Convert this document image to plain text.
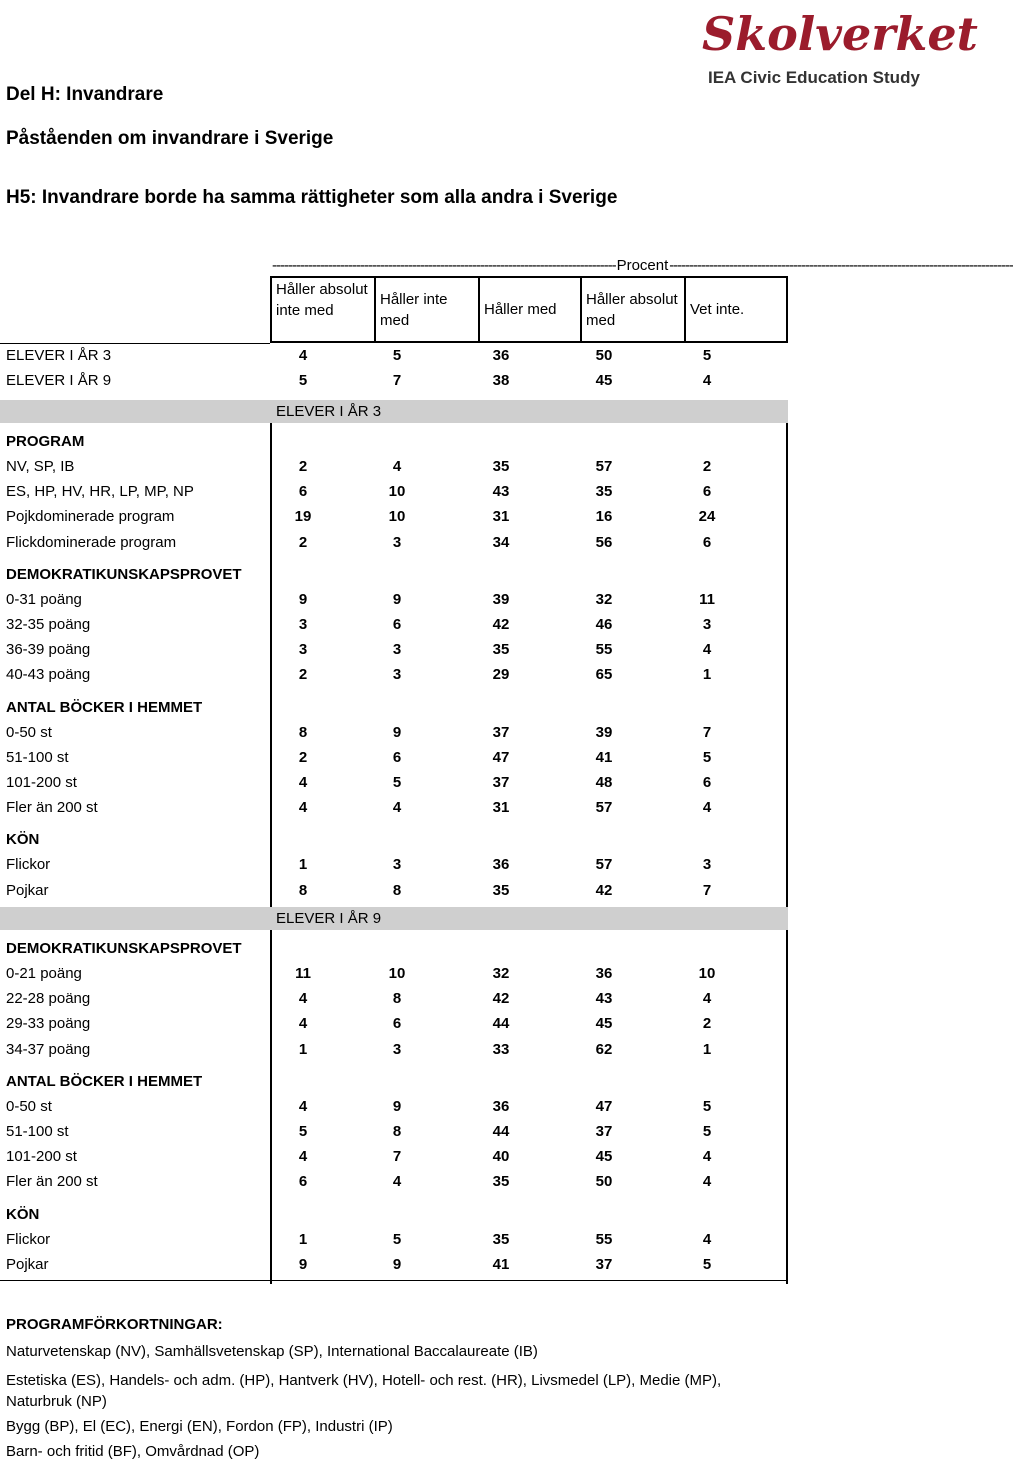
Skolverket
IEA Civic Education Study
Del H: Invandrare
Påståenden om invandrare i Sverige
H5: Invandrare borde ha samma rättigheter som alla andra i Sverige
-------------------------------------------------------------------------------------- Procent --------------------------------------------------------------------------------------
Håller absolut inte med
Håller inte med
Håller med
Håller absolut med
Vet inte.
ELEVER I ÅR 3	4	5	36	50	5
ELEVER I ÅR 9	5	7	38	45	4
ELEVER I ÅR 3
PROGRAM
NV, SP, IB	2	4	35	57	2
ES, HP, HV, HR, LP, MP, NP	6	10	43	35	6
Pojkdominerade program	19	10	31	16	24
Flickdominerade program	2	3	34	56	6
DEMOKRATIKUNSKAPSPROVET
0-31 poäng	9	9	39	32	11
32-35 poäng	3	6	42	46	3
36-39 poäng	3	3	35	55	4
40-43 poäng	2	3	29	65	1
ANTAL BÖCKER I HEMMET
0-50 st	8	9	37	39	7
51-100 st	2	6	47	41	5
101-200 st	4	5	37	48	6
Fler än 200 st	4	4	31	57	4
KÖN
Flickor	1	3	36	57	3
Pojkar	8	8	35	42	7
ELEVER I ÅR 9
DEMOKRATIKUNSKAPSPROVET
0-21 poäng	11	10	32	36	10
22-28 poäng	4	8	42	43	4
29-33 poäng	4	6	44	45	2
34-37 poäng	1	3	33	62	1
ANTAL BÖCKER I HEMMET
0-50 st	4	9	36	47	5
51-100 st	5	8	44	37	5
101-200 st	4	7	40	45	4
Fler än 200 st	6	4	35	50	4
KÖN
Flickor	1	5	35	55	4
Pojkar	9	9	41	37	5
PROGRAMFÖRKORTNINGAR:
Naturvetenskap (NV), Samhällsvetenskap (SP), International Baccalaureate (IB)
Estetiska (ES), Handels- och adm. (HP), Hantverk (HV), Hotell- och rest. (HR), Livsmedel (LP), Medie (MP), Naturbruk (NP)
Bygg (BP), El (EC), Energi (EN), Fordon (FP), Industri (IP)
Barn- och fritid (BF), Omvårdnad (OP)
